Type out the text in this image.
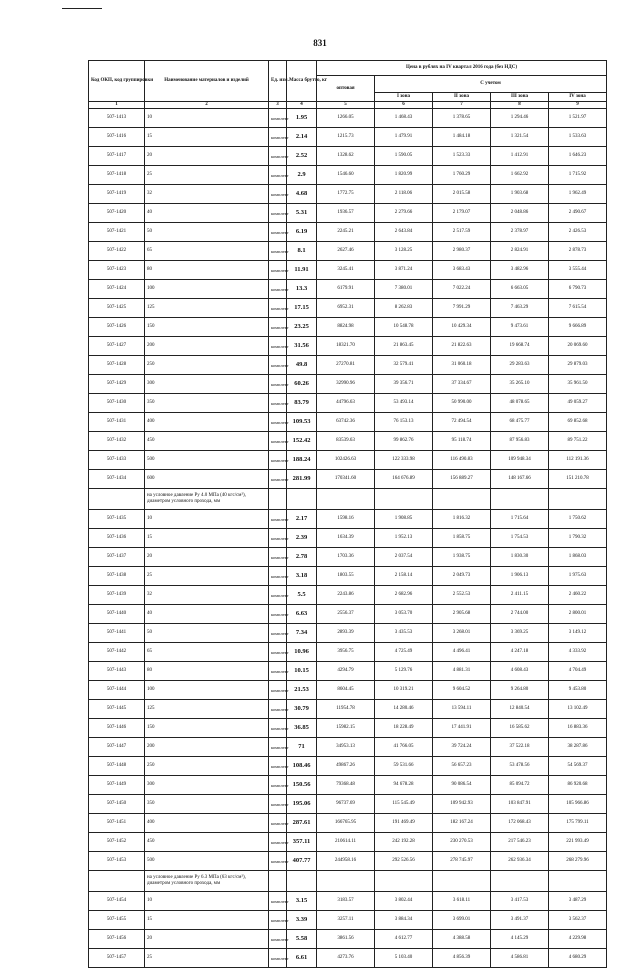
831
Код ОКП, код группировки	Наименование материалов и изделий	Ед. изм.	Масса брутто, кг	Цена в рублях на IV квартал 2016 года (без НДС)				
				оптовая	С учетом			
					I зона	II зона	III зона	IV зона
1	2	3	4	5	6	7	8	9
507-1413	10	комплект	1.95	1266.05	1 468.43	1 378.65	1 294.46	1 521.97
507-1416	15	комплект	2.14	1215.73	1 479.91	1 484.18	1 321.54	1 533.63
507-1417	20	комплект	2.52	1328.62	1 590.05	1 523.33	1 412.91	1 646.23
507-1418	25	комплект	2.9	1546.60	1 820.99	1 760.29	1 662.92	1 715.92
507-1419	32	комплект	4.68	1772.75	2 118.06	2 015.58	1 903.68	1 962.49
507-1420	40	комплект	5.31	1936.57	2 279.66	2 179.07	2 048.86	2 490.67
507-1421	50	комплект	6.19	2245.21	2 643.84	2 517.59	2 378.97	2 426.53
507-1422	65	комплект	8.1	2627.46	3 128.25	2 980.37	2 824.91	2 878.73
507-1423	80	комплект	11.91	3245.41	3 871.24	3 683.43	3 482.96	3 555.44
507-1424	100	комплект	13.3	6179.91	7 380.01	7 022.24	6 663.05	6 790.73
507-1425	125	комплект	17.15	6952.31	8 262.83	7 991.29	7 463.29	7 615.54
507-1426	150	комплект	23.25	8824.98	10 548.78	10 429.34	9 473.61	9 666.89
507-1427	200	комплект	31.56	18321.70	21 863.45	21 822.63	19 668.74	20 069.60
507-1428	250	комплект	49.8	27270.81	32 579.41	31 060.18	29 283.63	29 879.03
507-1429	300	комплект	60.26	32990.96	39 356.71	37 334.67	35 265.10	35 961.50
507-1430	350	комплект	83.79	44796.63	53 493.14	50 990.00	48 078.65	49 059.27
507-1431	400	комплект	109.53	63742.36	76 153.13	72 494.54	68 475.77	69 852.68
507-1432	450	комплект	152.42	83539.63	99 862.76	95 118.74	87 956.83	89 751.22
507-1433	500	комплект	188.24	102426.63	122 333.98	116 490.83	109 948.34	112 191.36
507-1434	600	комплект	281.99	170341.60	164 676.89	156 889.27	148 167.66	151 210.78
	на условное давление Ру 4.0 МПа (40 кгс/см²), диаметром условного прохода, мм							
507-1435	10	комплект	2.17	1598.16	1 908.85	1 816.32	1 715.64	1 750.62
507-1436	15	комплект	2.39	1634.39	1 952.13	1 858.75	1 754.53	1 790.32
507-1437	20	комплект	2.78	1703.36	2 037.54	1 938.75	1 830.30	1 868.03
507-1438	25	комплект	3.18	1803.55	2 158.14	2 049.73	1 906.13	1 975.63
507-1439	32	комплект	5.5	2243.86	2 682.96	2 552.53	2 411.15	2 460.22
507-1440	40	комплект	6.63	2556.37	3 053.70	2 905.68	2 744.00	2 800.01
507-1441	50	комплект	7.34	2893.39	3 435.53	3 268.01	3 369.25	3 149.12
507-1442	65	комплект	10.96	3956.75	4 725.49	4 496.41	4 247.18	4 333.92
507-1443	80	комплект	10.15	4294.79	5 129.76	4 881.31	4 608.43	4 704.49
507-1444	100	комплект	21.53	8604.45	10 319.21	9 604.52	9 264.80	9 453.80
507-1445	125	комплект	30.79	11954.78	14 280.46	13 594.11	12 840.54	13 102.49
507-1446	150	комплект	36.85	15982.15	18 228.49	17 441.91	16 585.62	16 883.36
507-1447	200	комплект	71	34953.13	41 766.05	39 724.24	37 522.18	38 287.86
507-1448	250	комплект	108.46	49867.26	59 531.66	56 657.23	53 478.56	54 569.37
507-1449	300	комплект	150.56	79368.48	94 678.28	90 086.54	85 094.72	86 920.68
507-1450	350	комплект	195.06	96737.69	115 545.49	109 942.93	103 847.91	105 966.86
507-1451	400	комплект	287.61	166765.95	191 469.49	182 167.24	172 068.43	175 799.11
507-1452	450	комплект	357.11	210614.11	242 192.28	230 270.53	217 546.23	221 993.49
507-1453	500	комплект	407.77	244958.16	292 526.56	278 745.97	262 936.34	268 279.96
	на условное давление Ру 6.3 МПа (63 кгс/см²), диаметром условного прохода, мм							
507-1454	10	комплект	3.15	3183.57	3 802.44	3 618.11	3 417.53	3 487.29
507-1455	15	комплект	3.39	3257.11	3 884.34	3 699.01	3 491.37	3 562.37
507-1456	20	комплект	5.58	3861.56	4 612.77	4 388.58	4 145.29	4 229.98
507-1457	25	комплект	6.61	4273.76	5 103.40	4 856.39	4 586.81	4 680.29
